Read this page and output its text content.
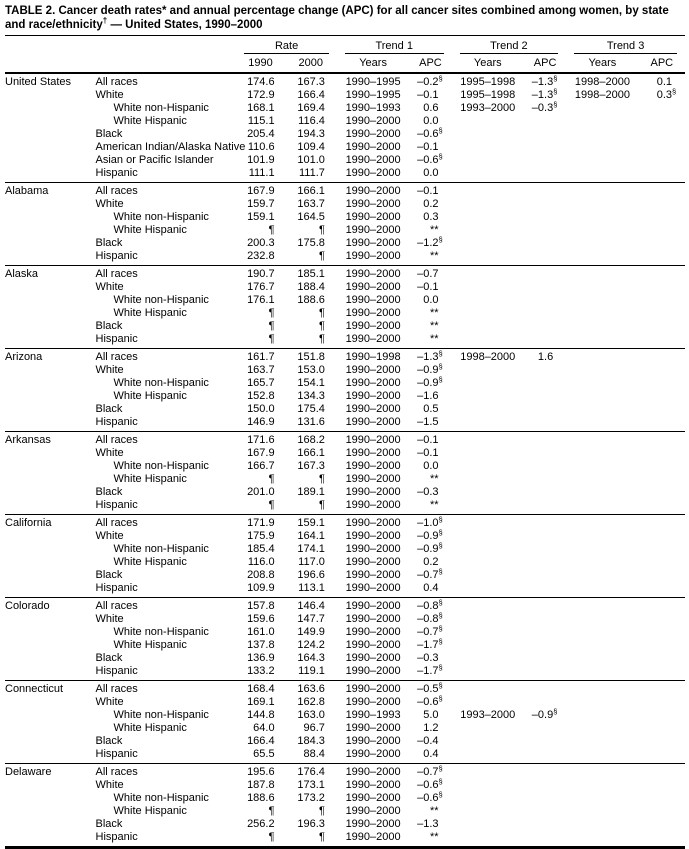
TABLE 2. Cancer death rates* and annual percentage change (APC) for all cancer sites combined among women, by state and race/ethnicity† — United States, 1990–2000

		Rate		Trend 1		Trend 2		Trend 3	

		1990	2000	Years	APC	Years	APC	Years	APC
United States	All races	174.6	167.3	1990–1995	–0.2§	1995–1998	–1.3§	1998–2000	0.1
	White	172.9	166.4	1990–1995	–0.1	1995–1998	–1.3§	1998–2000	0.3§
	White non-Hispanic	168.1	169.4	1990–1993	0.6	1993–2000	–0.3§		
	White Hispanic	115.1	116.4	1990–2000	0.0				
	Black	205.4	194.3	1990–2000	–0.6§				
	American Indian/Alaska Native	110.6	109.4	1990–2000	–0.1				
	Asian or Pacific Islander	101.9	101.0	1990–2000	–0.6§				
	Hispanic	111.1	111.7	1990–2000	0.0				
Alabama	All races	167.9	166.1	1990–2000	–0.1				
	White	159.7	163.7	1990–2000	0.2				
	White non-Hispanic	159.1	164.5	1990–2000	0.3				
	White Hispanic	¶	¶	1990–2000	**				
	Black	200.3	175.8	1990–2000	–1.2§				
	Hispanic	232.8	¶	1990–2000	**				
Alaska	All races	190.7	185.1	1990–2000	–0.7				
	White	176.7	188.4	1990–2000	–0.1				
	White non-Hispanic	176.1	188.6	1990–2000	0.0				
	White Hispanic	¶	¶	1990–2000	**				
	Black	¶	¶	1990–2000	**				
	Hispanic	¶	¶	1990–2000	**				
Arizona	All races	161.7	151.8	1990–1998	–1.3§	1998–2000	1.6		
	White	163.7	153.0	1990–2000	–0.9§				
	White non-Hispanic	165.7	154.1	1990–2000	–0.9§				
	White Hispanic	152.8	134.3	1990–2000	–1.6				
	Black	150.0	175.4	1990–2000	0.5				
	Hispanic	146.9	131.6	1990–2000	–1.5				
Arkansas	All races	171.6	168.2	1990–2000	–0.1				
	White	167.9	166.1	1990–2000	–0.1				
	White non-Hispanic	166.7	167.3	1990–2000	0.0				
	White Hispanic	¶	¶	1990–2000	**				
	Black	201.0	189.1	1990–2000	–0.3				
	Hispanic	¶	¶	1990–2000	**				
California	All races	171.9	159.1	1990–2000	–1.0§				
	White	175.9	164.1	1990–2000	–0.9§				
	White non-Hispanic	185.4	174.1	1990–2000	–0.9§				
	White Hispanic	116.0	117.0	1990–2000	0.2				
	Black	208.8	196.6	1990–2000	–0.7§				
	Hispanic	109.9	113.1	1990–2000	0.4				
Colorado	All races	157.8	146.4	1990–2000	–0.8§				
	White	159.6	147.7	1990–2000	–0.8§				
	White non-Hispanic	161.0	149.9	1990–2000	–0.7§				
	White Hispanic	137.8	124.2	1990–2000	–1.7§				
	Black	136.9	164.3	1990–2000	–0.3				
	Hispanic	133.2	119.1	1990–2000	–1.7§				
Connecticut	All races	168.4	163.6	1990–2000	–0.5§				
	White	169.1	162.8	1990–2000	–0.6§				
	White non-Hispanic	144.8	163.0	1990–1993	5.0	1993–2000	–0.9§		
	White Hispanic	64.0	96.7	1990–2000	1.2				
	Black	166.4	184.3	1990–2000	–0.4				
	Hispanic	65.5	88.4	1990–2000	0.4				
Delaware	All races	195.6	176.4	1990–2000	–0.7§				
	White	187.8	173.1	1990–2000	–0.6§				
	White non-Hispanic	188.6	173.2	1990–2000	–0.6§				
	White Hispanic	¶	¶	1990–2000	**				
	Black	256.2	196.3	1990–2000	–1.3				
	Hispanic	¶	¶	1990–2000	**				
